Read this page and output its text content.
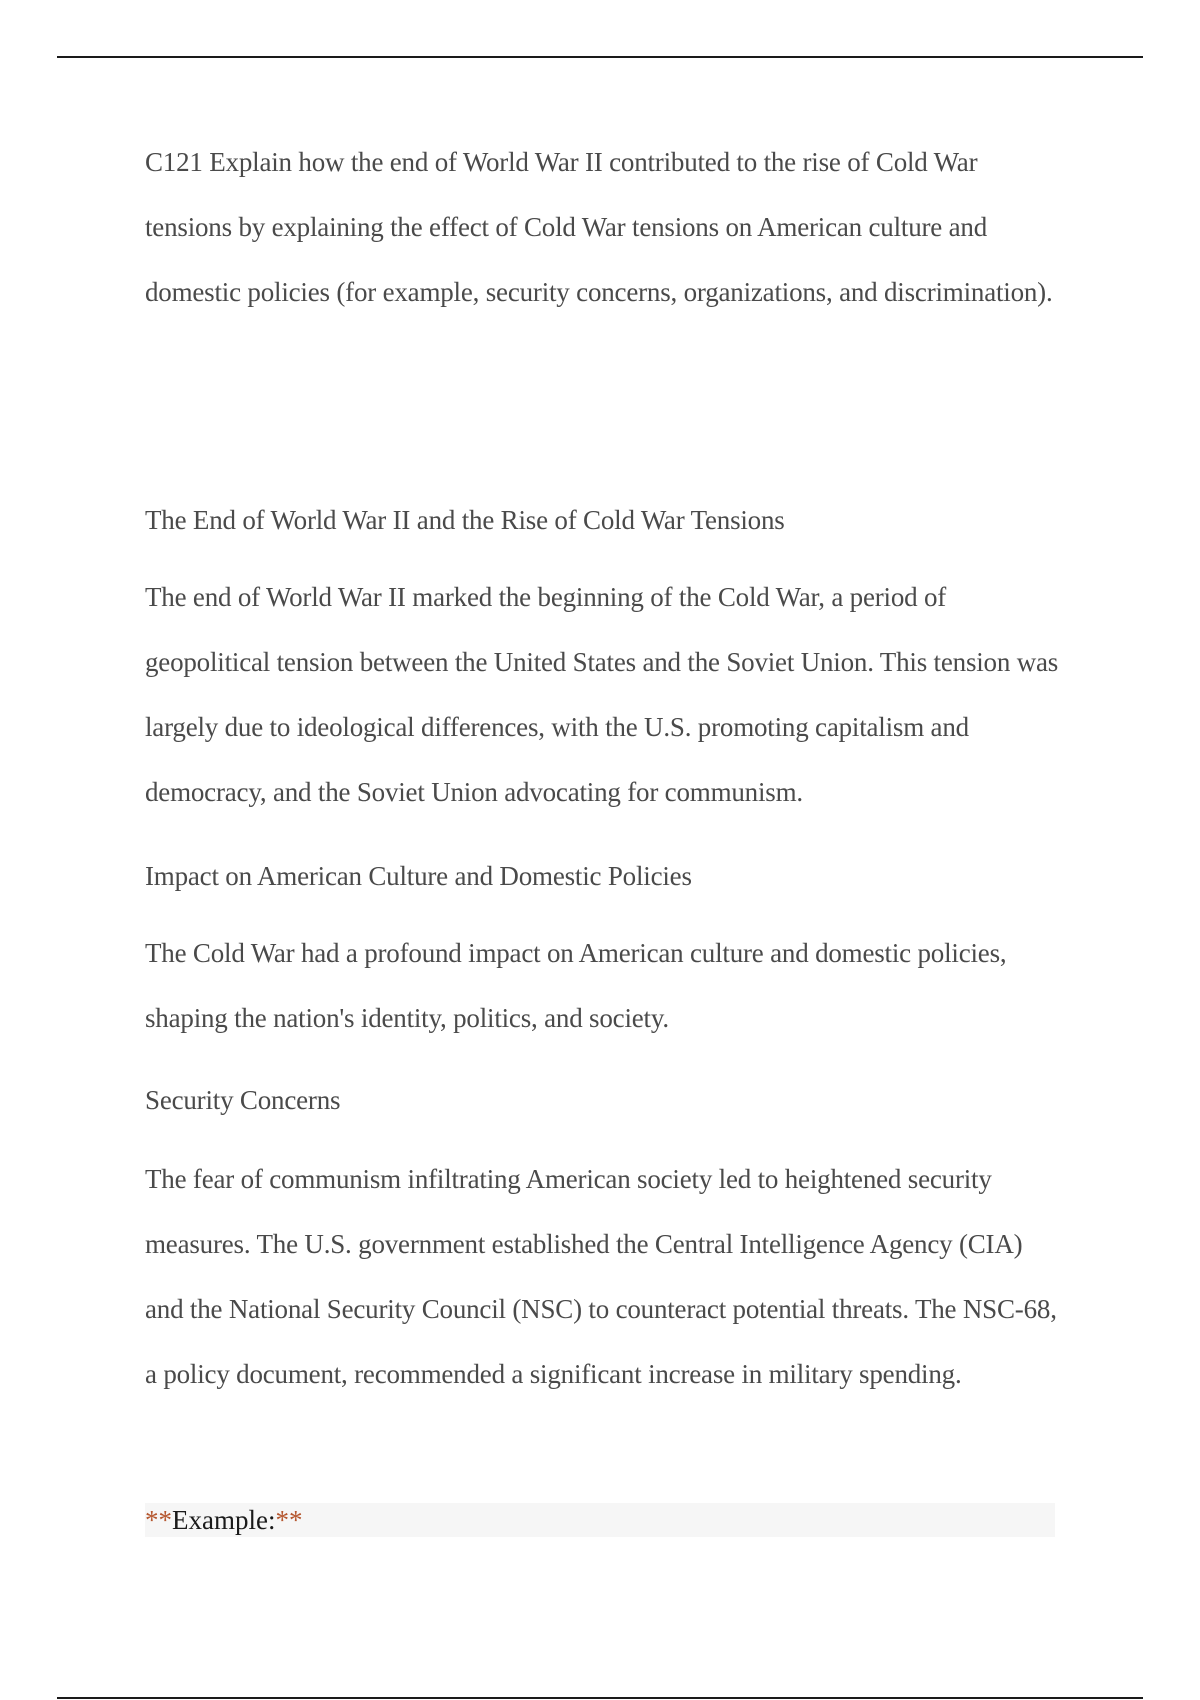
C121 Explain how the end of World War II contributed to the rise of Cold War tensions by explaining the effect of Cold War tensions on American culture and domestic policies (for example, security concerns, organizations, and discrimination).

The End of World War II and the Rise of Cold War Tensions

The end of World War II marked the beginning of the Cold War, a period of geopolitical tension between the United States and the Soviet Union. This tension was largely due to ideological differences, with the U.S. promoting capitalism and democracy, and the Soviet Union advocating for communism.

Impact on American Culture and Domestic Policies

The Cold War had a profound impact on American culture and domestic policies, shaping the nation's identity, politics, and society.

Security Concerns

The fear of communism infiltrating American society led to heightened security measures. The U.S. government established the Central Intelligence Agency (CIA) and the National Security Council (NSC) to counteract potential threats. The NSC-68, a policy document, recommended a significant increase in military spending.

**Example:**
